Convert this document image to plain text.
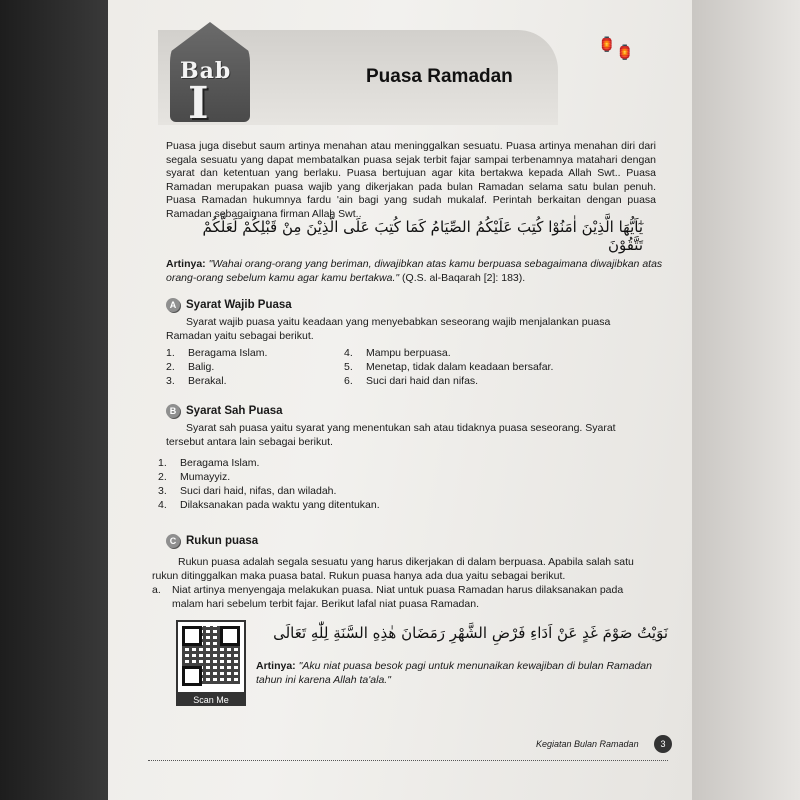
Bab
I
Puasa Ramadan
🏮 🏮
Puasa juga disebut saum artinya menahan atau meninggalkan sesuatu. Puasa artinya menahan diri dari segala sesuatu yang dapat membatalkan puasa sejak terbit fajar sampai terbenamnya matahari dengan syarat dan ketentuan yang berlaku. Puasa bertujuan agar kita bertakwa kepada Allah Swt.. Puasa Ramadan merupakan puasa wajib yang dikerjakan pada bulan Ramadan selama satu bulan penuh. Puasa Ramadan hukumnya fardu 'ain bagi yang sudah mukalaf. Perintah berkaitan dengan puasa Ramadan sebagaimana firman Allah Swt..
يٰٓاَيُّهَا الَّذِيْنَ اٰمَنُوْا كُتِبَ عَلَيْكُمُ الصِّيَامُ كَمَا كُتِبَ عَلَى الَّذِيْنَ مِنْ قَبْلِكُمْ لَعَلَّكُمْ تَتَّقُوْنَ
Artinya: "Wahai orang-orang yang beriman, diwajibkan atas kamu berpuasa sebagaimana diwajibkan atas orang-orang sebelum kamu agar kamu bertakwa." (Q.S. al-Baqarah [2]: 183).
A Syarat Wajib Puasa
Syarat wajib puasa yaitu keadaan yang menyebabkan seseorang wajib menjalankan puasa Ramadan yaitu sebagai berikut.
1. Beragama Islam.
2. Balig.
3. Berakal.
4. Mampu berpuasa.
5. Menetap, tidak dalam keadaan bersafar.
6. Suci dari haid dan nifas.
B Syarat Sah Puasa
Syarat sah puasa yaitu syarat yang menentukan sah atau tidaknya puasa seseorang. Syarat tersebut antara lain sebagai berikut.
1. Beragama Islam.
2. Mumayyiz.
3. Suci dari haid, nifas, dan wiladah.
4. Dilaksanakan pada waktu yang ditentukan.
C Rukun puasa
Rukun puasa adalah segala sesuatu yang harus dikerjakan di dalam berpuasa. Apabila salah satu rukun ditinggalkan maka puasa batal. Rukun puasa hanya ada dua yaitu sebagai berikut.
a.	Niat artinya menyengaja melakukan puasa. Niat untuk puasa Ramadan harus dilaksanakan pada malam hari sebelum terbit fajar. Berikut lafal niat puasa Ramadan.
Scan Me
نَوَيْتُ صَوْمَ غَدٍ عَنْ اَدَاءِ فَرْضِ الشَّهْرِ رَمَضَانَ هٰذِهِ السَّنَةِ لِلّٰهِ تَعَالَى
Artinya: "Aku niat puasa besok pagi untuk menunaikan kewajiban di bulan Ramadan tahun ini karena Allah ta'ala."
Kegiatan Bulan Ramadan	3
